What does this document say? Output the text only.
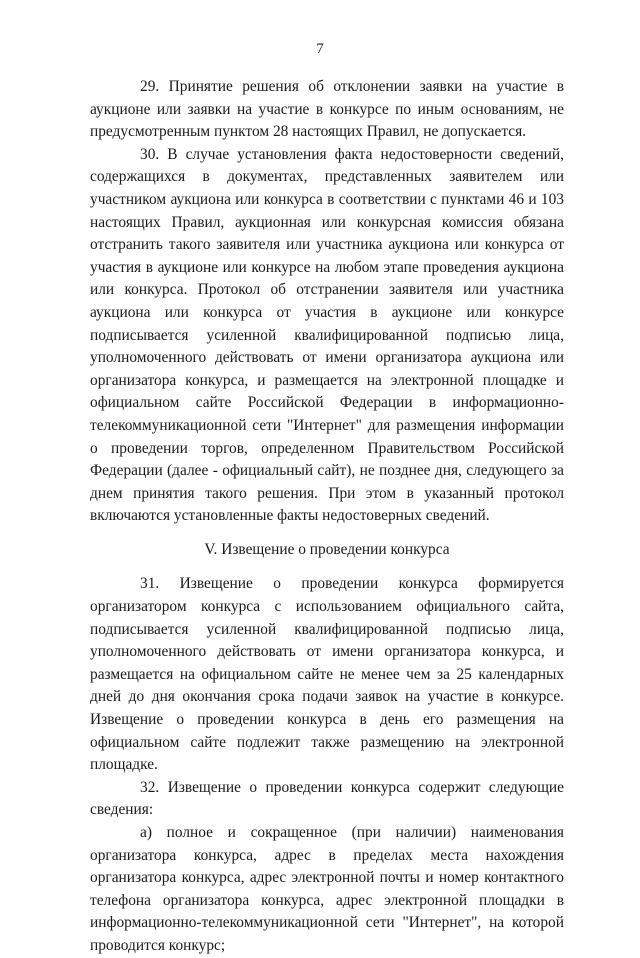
7

29. Принятие решения об отклонении заявки на участие в аукционе или заявки на участие в конкурсе по иным основаниям, не предусмотренным пунктом 28 настоящих Правил, не допускается.

30. В случае установления факта недостоверности сведений, содержащихся в документах, представленных заявителем или участником аукциона или конкурса в соответствии с пунктами 46 и 103 настоящих Правил, аукционная или конкурсная комиссия обязана отстранить такого заявителя или участника аукциона или конкурса от участия в аукционе или конкурсе на любом этапе проведения аукциона или конкурса. Протокол об отстранении заявителя или участника аукциона или конкурса от участия в аукционе или конкурсе подписывается усиленной квалифицированной подписью лица, уполномоченного действовать от имени организатора аукциона или организатора конкурса, и размещается на электронной площадке и официальном сайте Российской Федерации в информационно-телекоммуникационной сети "Интернет" для размещения информации о проведении торгов, определенном Правительством Российской Федерации (далее - официальный сайт), не позднее дня, следующего за днем принятия такого решения. При этом в указанный протокол включаются установленные факты недостоверных сведений.

V. Извещение о проведении конкурса

31. Извещение о проведении конкурса формируется организатором конкурса с использованием официального сайта, подписывается усиленной квалифицированной подписью лица, уполномоченного действовать от имени организатора конкурса, и размещается на официальном сайте не менее чем за 25 календарных дней до дня окончания срока подачи заявок на участие в конкурсе. Извещение о проведении конкурса в день его размещения на официальном сайте подлежит также размещению на электронной площадке.

32. Извещение о проведении конкурса содержит следующие сведения:

а) полное и сокращенное (при наличии) наименования организатора конкурса, адрес в пределах места нахождения организатора конкурса, адрес электронной почты и номер контактного телефона организатора конкурса, адрес электронной площадки в информационно-телекоммуникационной сети "Интернет", на которой проводится конкурс;
